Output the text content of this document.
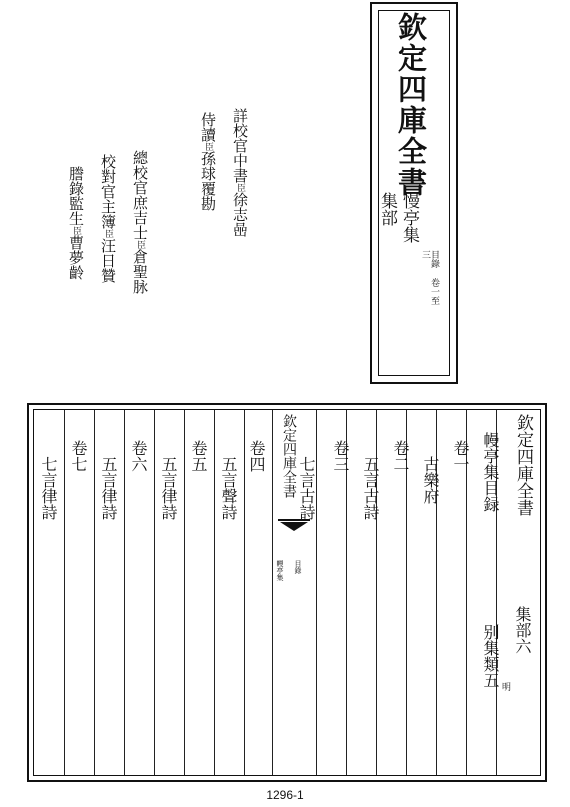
欽定四庫全書
集部 慢亭集
目錄 卷一至三
詳校官中書臣徐志喦
侍讀臣孫球覆勘
總校官庶吉士臣倉聖脉
校對官主簿臣汪日贊
謄錄監生臣曹夢齡
欽定四庫全書
幔亭集目録
集部六
别集類五 明
卷一
古樂府
卷二
五言古詩
卷三
七言古詩
欽定四庫全書
幔亭集 目錄
卷四
五言聲詩
卷五
五言律詩
卷六
五言律詩
卷七
七言律詩
1296-1
